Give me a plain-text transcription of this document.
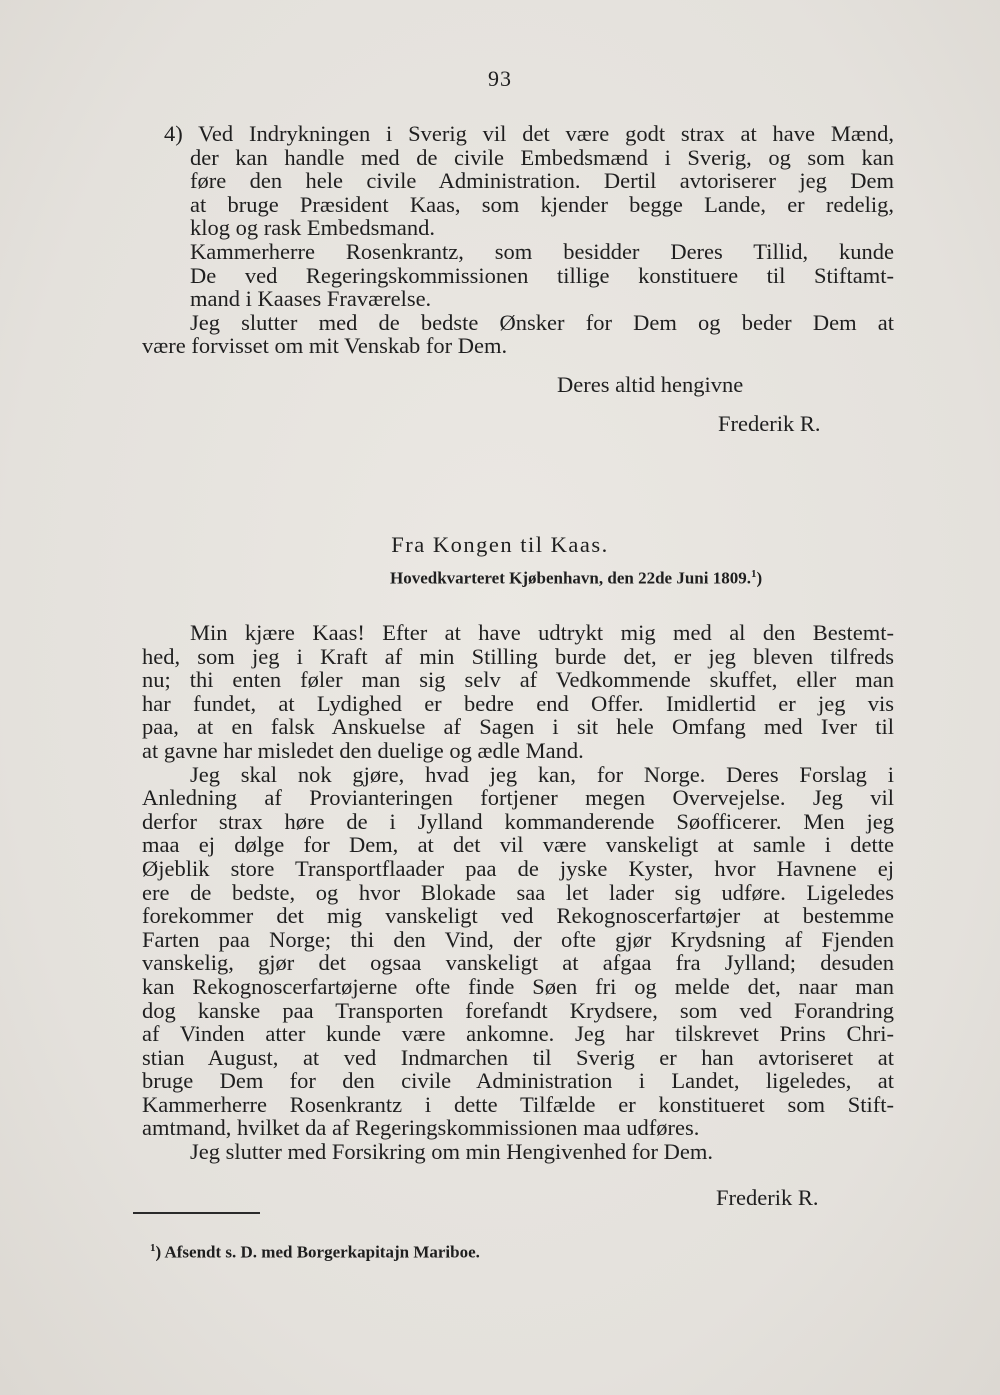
93
4) Ved Indrykningen i Sverig vil det være godt strax at have Mænd,
der kan handle med de civile Embedsmænd i Sverig, og som kan
føre den hele civile Administration. Dertil avtoriserer jeg Dem
at bruge Præsident Kaas, som kjender begge Lande, er redelig,
klog og rask Embedsmand.
Kammerherre Rosenkrantz, som besidder Deres Tillid, kunde
De ved Regeringskommissionen tillige konstituere til Stiftamt-
mand i Kaases Fraværelse.
Jeg slutter med de bedste Ønsker for Dem og beder Dem at
være forvisset om mit Venskab for Dem.
Deres altid hengivne
Frederik R.
Fra Kongen til Kaas.
Hovedkvarteret Kjøbenhavn, den 22de Juni 1809.$^1$)
Min kjære Kaas! Efter at have udtrykt mig med al den Bestemt-
hed, som jeg i Kraft af min Stilling burde det, er jeg bleven tilfreds
nu; thi enten føler man sig selv af Vedkommende skuffet, eller man
har fundet, at Lydighed er bedre end Offer. Imidlertid er jeg vis
paa, at en falsk Anskuelse af Sagen i sit hele Omfang med Iver til
at gavne har misledet den duelige og ædle Mand.
Jeg skal nok gjøre, hvad jeg kan, for Norge. Deres Forslag i
Anledning af Provianteringen fortjener megen Overvejelse. Jeg vil
derfor strax høre de i Jylland kommanderende Søofficerer. Men jeg
maa ej dølge for Dem, at det vil være vanskeligt at samle i dette
Øjeblik store Transportflaader paa de jyske Kyster, hvor Havnene ej
ere de bedste, og hvor Blokade saa let lader sig udføre. Ligeledes
forekommer det mig vanskeligt ved Rekognoscerfartøjer at bestemme
Farten paa Norge; thi den Vind, der ofte gjør Krydsning af Fjenden
vanskelig, gjør det ogsaa vanskeligt at afgaa fra Jylland; desuden
kan Rekognoscerfartøjerne ofte finde Søen fri og melde det, naar man
dog kanske paa Transporten forefandt Krydsere, som ved Forandring
af Vinden atter kunde være ankomne. Jeg har tilskrevet Prins Chri-
stian August, at ved Indmarchen til Sverig er han avtoriseret at
bruge Dem for den civile Administration i Landet, ligeledes, at
Kammerherre Rosenkrantz i dette Tilfælde er konstitueret som Stift-
amtmand, hvilket da af Regeringskommissionen maa udføres.
Jeg slutter med Forsikring om min Hengivenhed for Dem.
Frederik R.
$^1$) Afsendt s. D. med Borgerkapitajn Mariboe.
